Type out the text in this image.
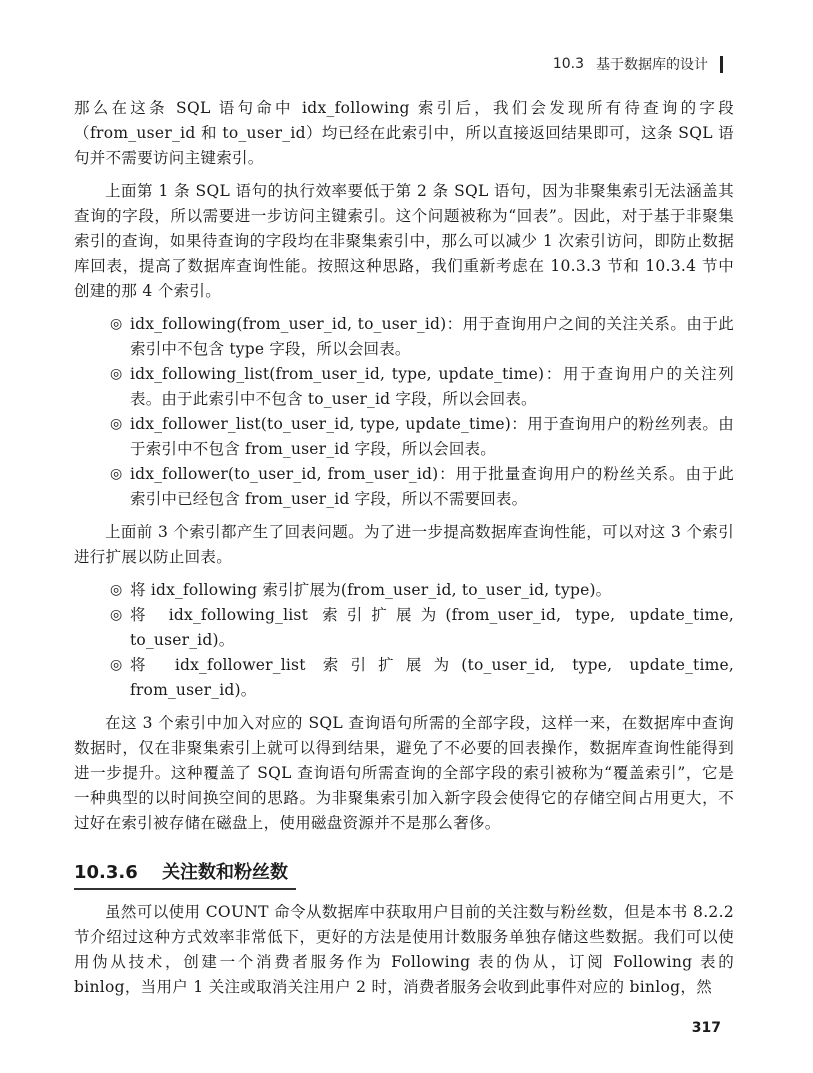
10.3 基于数据库的设计

那么在这条 SQL 语句命中 idx_following 索引后，我们会发现所有待查询的字段（from_user_id 和 to_user_id）均已经在此索引中，所以直接返回结果即可，这条 SQL 语句并不需要访问主键索引。

上面第 1 条 SQL 语句的执行效率要低于第 2 条 SQL 语句，因为非聚集索引无法涵盖其查询的字段，所以需要进一步访问主键索引。这个问题被称为“回表”。因此，对于基于非聚集索引的查询，如果待查询的字段均在非聚集索引中，那么可以减少 1 次索引访问，即防止数据库回表，提高了数据库查询性能。按照这种思路，我们重新考虑在 10.3.3 节和 10.3.4 节中创建的那 4 个索引。

◎ idx_following(from_user_id, to_user_id)：用于查询用户之间的关注关系。由于此索引中不包含 type 字段，所以会回表。
◎ idx_following_list(from_user_id, type, update_time)：用于查询用户的关注列表。由于此索引中不包含 to_user_id 字段，所以会回表。
◎ idx_follower_list(to_user_id, type, update_time)：用于查询用户的粉丝列表。由于索引中不包含 from_user_id 字段，所以会回表。
◎ idx_follower(to_user_id, from_user_id)：用于批量查询用户的粉丝关系。由于此索引中已经包含 from_user_id 字段，所以不需要回表。

上面前 3 个索引都产生了回表问题。为了进一步提高数据库查询性能，可以对这 3 个索引进行扩展以防止回表。

◎ 将 idx_following 索引扩展为(from_user_id, to_user_id, type)。
◎ 将 idx_following_list 索引扩展为(from_user_id, type, update_time, to_user_id)。
◎ 将 idx_follower_list 索引扩展为(to_user_id, type, update_time, from_user_id)。

在这 3 个索引中加入对应的 SQL 查询语句所需的全部字段，这样一来，在数据库中查询数据时，仅在非聚集索引上就可以得到结果，避免了不必要的回表操作，数据库查询性能得到进一步提升。这种覆盖了 SQL 查询语句所需查询的全部字段的索引被称为“覆盖索引”，它是一种典型的以时间换空间的思路。为非聚集索引加入新字段会使得它的存储空间占用更大，不过好在索引被存储在磁盘上，使用磁盘资源并不是那么奢侈。

10.3.6 关注数和粉丝数

虽然可以使用 COUNT 命令从数据库中获取用户目前的关注数与粉丝数，但是本书 8.2.2 节介绍过这种方式效率非常低下，更好的方法是使用计数服务单独存储这些数据。我们可以使用伪从技术，创建一个消费者服务作为 Following 表的伪从，订阅 Following 表的 binlog，当用户 1 关注或取消关注用户 2 时，消费者服务会收到此事件对应的 binlog，然

317
